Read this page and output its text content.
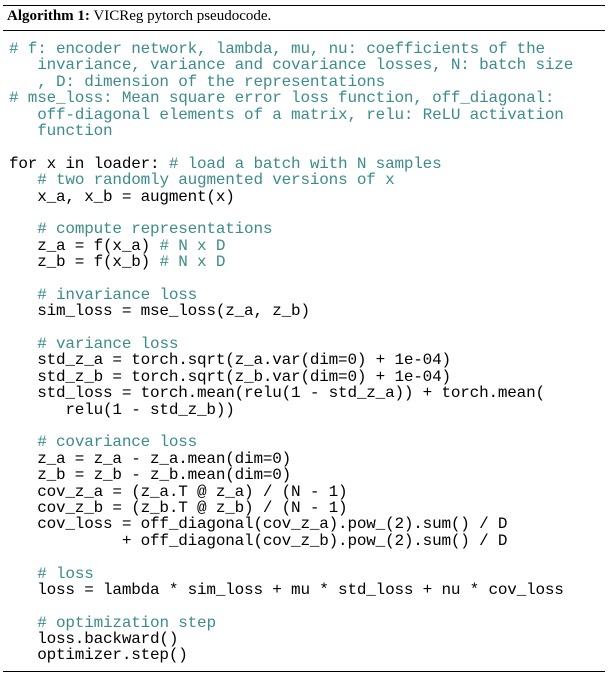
Algorithm 1: VICReg pytorch pseudocode.
# f: encoder network, lambda, mu, nu: coefficients of the
invariance, variance and covariance losses, N: batch size
, D: dimension of the representations
# mse_loss: Mean square error loss function, off_diagonal:
off-diagonal elements of a matrix, relu: ReLU activation
function
for x in loader: # load a batch with N samples
# two randomly augmented versions of x
x_a, x_b = augment(x)
# compute representations
z_a = f(x_a) # N x D
z_b = f(x_b) # N x D
# invariance loss
sim_loss = mse_loss(z_a, z_b)
# variance loss
std_z_a = torch.sqrt(z_a.var(dim=0) + 1e-04)
std_z_b = torch.sqrt(z_b.var(dim=0) + 1e-04)
std_loss = torch.mean(relu(1 - std_z_a)) + torch.mean(
relu(1 - std_z_b))
# covariance loss
z_a = z_a - z_a.mean(dim=0)
z_b = z_b - z_b.mean(dim=0)
cov_z_a = (z_a.T @ z_a) / (N - 1)
cov_z_b = (z_b.T @ z_b) / (N - 1)
cov_loss = off_diagonal(cov_z_a).pow_(2).sum() / D
+ off_diagonal(cov_z_b).pow_(2).sum() / D
# loss
loss = lambda * sim_loss + mu * std_loss + nu * cov_loss
# optimization step
loss.backward()
optimizer.step()
